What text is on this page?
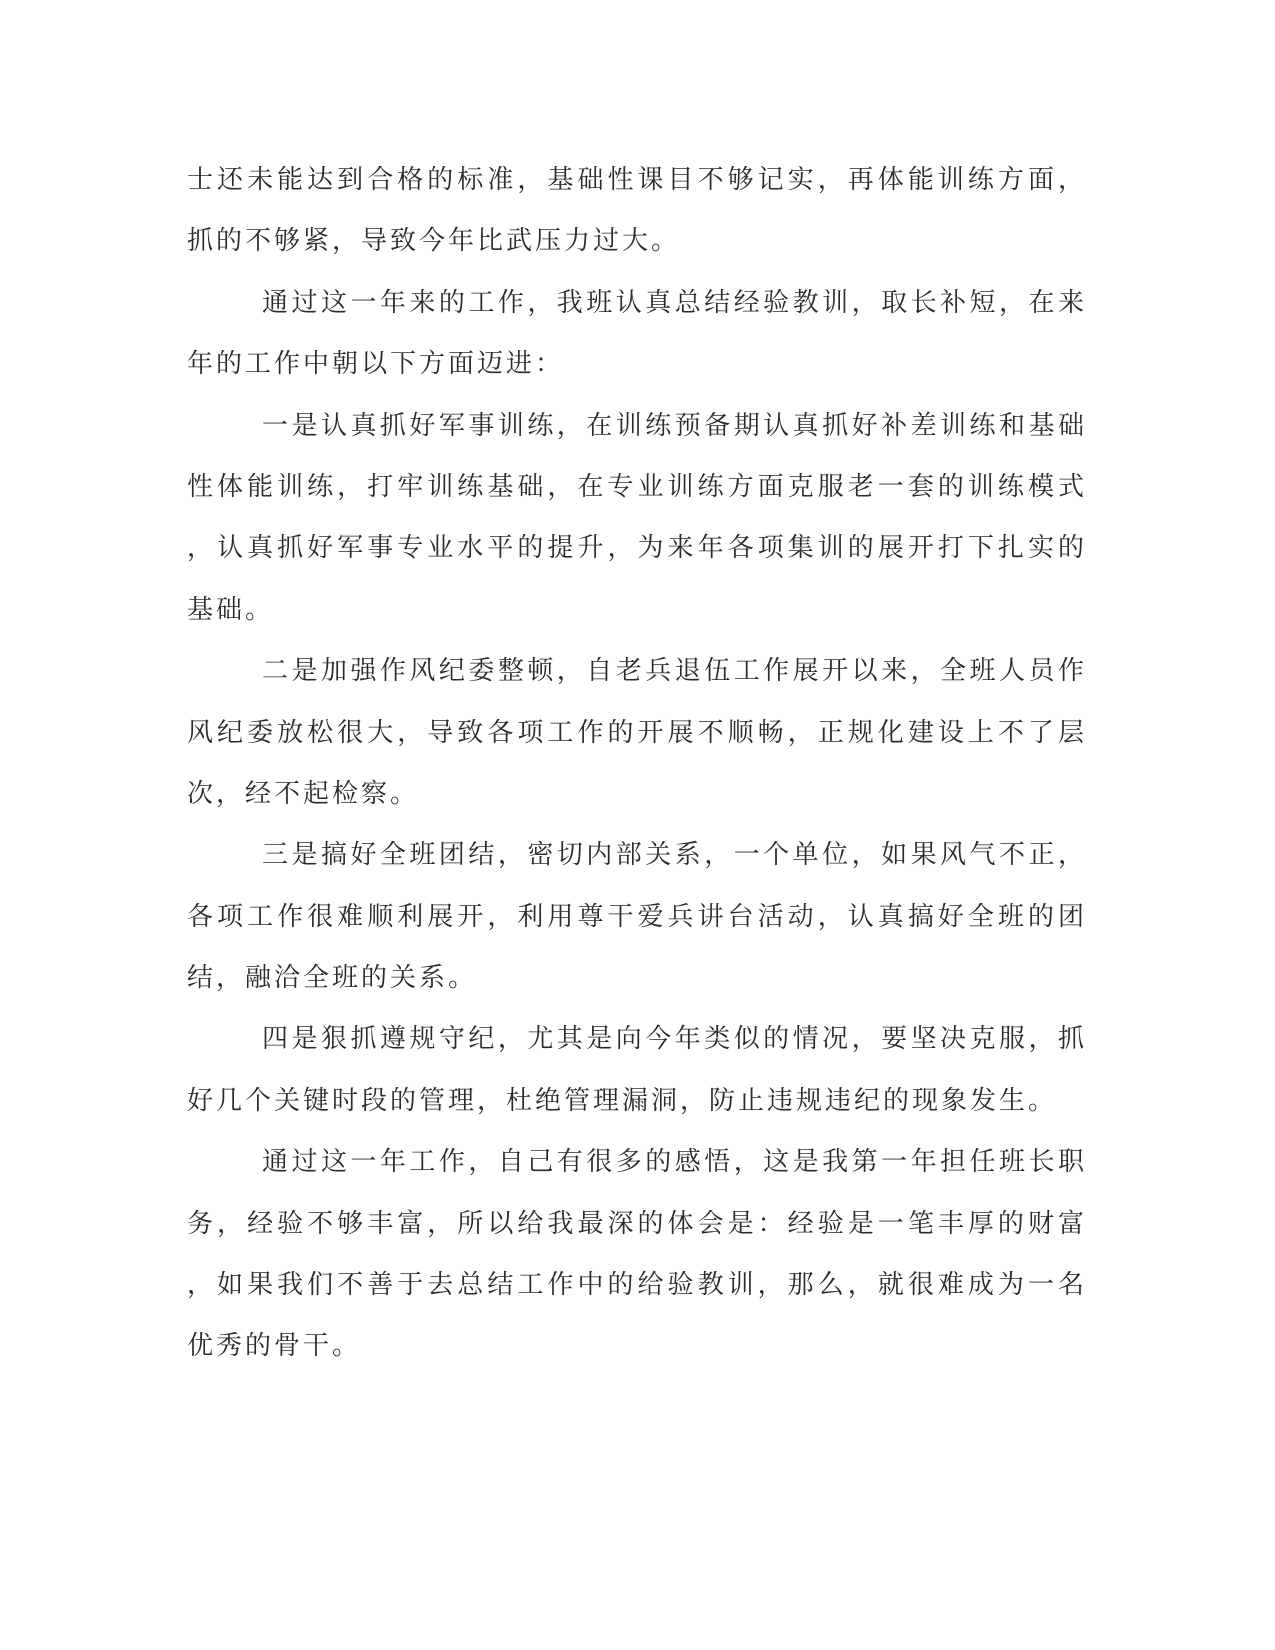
士还未能达到合格的标准，基础性课目不够记实，再体能训练方面，
抓的不够紧，导致今年比武压力过大。
通过这一年来的工作，我班认真总结经验教训，取长补短，在来
年的工作中朝以下方面迈进：
一是认真抓好军事训练，在训练预备期认真抓好补差训练和基础
性体能训练，打牢训练基础，在专业训练方面克服老一套的训练模式
，认真抓好军事专业水平的提升，为来年各项集训的展开打下扎实的
基础。
二是加强作风纪委整顿，自老兵退伍工作展开以来，全班人员作
风纪委放松很大，导致各项工作的开展不顺畅，正规化建设上不了层
次，经不起检察。
三是搞好全班团结，密切内部关系，一个单位，如果风气不正，
各项工作很难顺利展开，利用尊干爱兵讲台活动，认真搞好全班的团
结，融洽全班的关系。
四是狠抓遵规守纪，尤其是向今年类似的情况，要坚决克服，抓
好几个关键时段的管理，杜绝管理漏洞，防止违规违纪的现象发生。
通过这一年工作，自己有很多的感悟，这是我第一年担任班长职
务，经验不够丰富，所以给我最深的体会是：经验是一笔丰厚的财富
，如果我们不善于去总结工作中的给验教训，那么，就很难成为一名
优秀的骨干。
